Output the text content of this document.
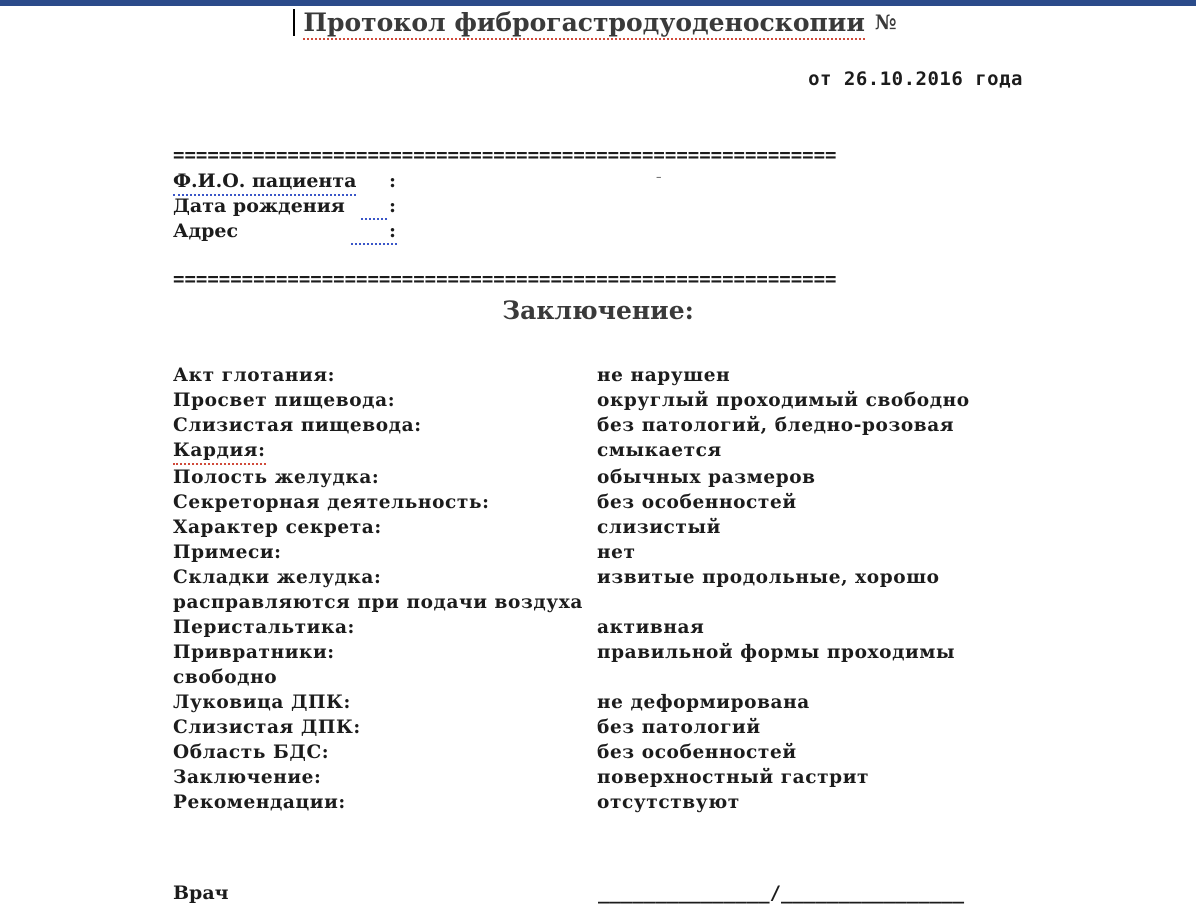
Протокол фиброгастродуоденоскопии №
от 26.10.2016 года
==========================================================
Ф.И.О. пациента :
Дата рождения :
Адрес	:
¯
==========================================================
Заключение:
Акт глотания:	не нарушен
Просвет пищевода:	округлый проходимый свободно
Слизистая пищевода:	без патологий, бледно-розовая
Кардия:	смыкается
Полость желудка:	обычных размеров
Секреторная деятельность:	без особенностей
Характер секрета:	слизистый
Примеси:	нет
Складки желудка:	извитые продольные, хорошо
расправляются при подачи воздуха
Перистальтика:	активная
Привратники:	правильной формы проходимы
свободно
Луковица ДПК:	не деформирована
Слизистая ДПК:	без патологий
Область БДС:	без особенностей
Заключение:	поверхностный гастрит
Рекомендации:	отсутствуют
Врач	_______________/________________
